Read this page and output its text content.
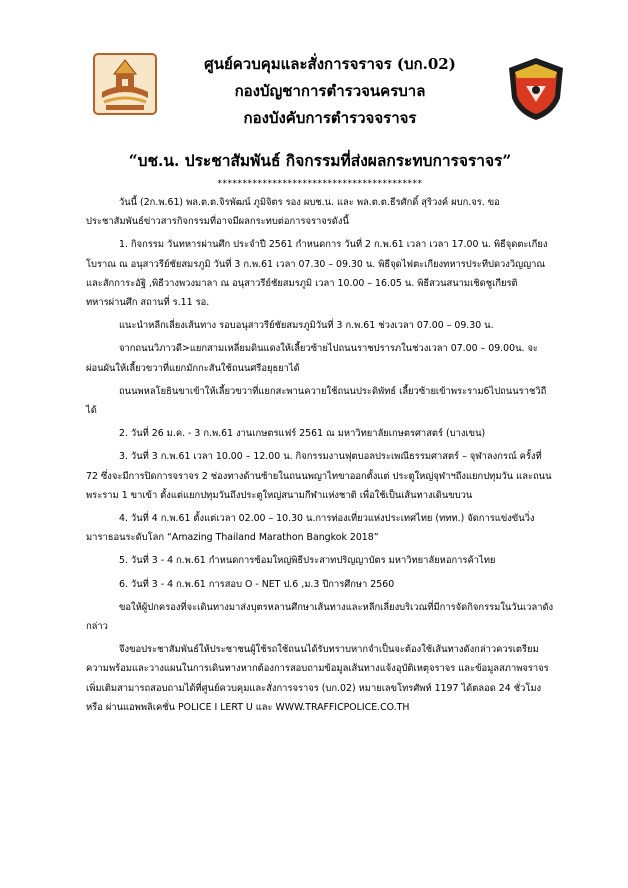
ศูนย์ควบคุมและสั่งการจราจร (บก.02)
กองบัญชาการตำรวจนครบาล
กองบังคับการตำรวจจราจร
“บช.น. ประชาสัมพันธ์ กิจกรรมที่ส่งผลกระทบการจราจร”
*****************************************

วันนี้ (2ก.พ.61) พล.ต.ต.จิรพัฒน์ ภูมิจิตร รอง ผบช.น. และ พล.ต.ต.ธีรศักดิ์ สุริวงค์ ผบก.จร. ขอประชาสัมพันธ์ข่าวสารกิจกรรมที่อาจมีผลกระทบต่อการจราจรดังนี้

1. กิจกรรม วันทหารผ่านศึก ประจำปี 2561 กำหนดการ วันที่ 2 ก.พ.61 เวลา เวลา 17.00 น. พิธีจุดตะเกียงโบราณ ณ อนุสาวรีย์ชัยสมรภูมิ วันที่ 3 ก.พ.61 เวลา 07.30 – 09.30 น. พิธีจุดไฟตะเกียงทหารประทีปดวงวิญญาณและสักการะอัฐิ ,พิธีวางพวงมาลา ณ อนุสาวรีย์ชัยสมรภูมิ เวลา 10.00 – 16.05 น. พิธีสวนสนามเชิดชูเกียรติทหารผ่านศึก สถานที่ ร.11 รอ.

แนะนำหลีกเลี่ยงเส้นทาง รอบอนุสาวรีย์ชัยสมรภูมิวันที่ 3 ก.พ.61 ช่วงเวลา 07.00 – 09.30 น.

จากถนนวิภาวดี>แยกสามเหลี่ยมดินแดงให้เลี้ยวซ้ายไปถนนราชปรารภในช่วงเวลา 07.00 – 09.00น. จะผ่อนผันให้เลี้ยวขวาที่แยกมักกะสันใช้ถนนศรีอยุธยาได้

ถนนพหลโยธินขาเข้าให้เลี้ยวขวาที่แยกสะพานควายใช้ถนนประดิพัทธ์ เลี้ยวซ้ายเข้าพระราม6ไปถนนราชวิถีได้

2. วันที่ 26 ม.ค. - 3 ก.พ.61 งานเกษตรแฟร์ 2561 ณ มหาวิทยาลัยเกษตรศาสตร์ (บางเขน)

3. วันที่ 3 ก.พ.61 เวลา 10.00 – 12.00 น. กิจกรรมงานฟุตบอลประเพณีธรรมศาสตร์ – จุฬาลงกรณ์ ครั้งที่ 72 ซึ่งจะมีการปิดการจราจร 2 ช่องทางด้านซ้ายในถนนพญาไทขาออกตั้งแต่ ประตูใหญ่จุฬาฯถึงแยกปทุมวัน และถนนพระราม 1 ขาเข้า ตั้งแต่แยกปทุมวันถึงประตูใหญ่สนามกีฬาแห่งชาติ เพื่อใช้เป็นเส้นทางเดินขบวน

4. วันที่ 4 ก.พ.61 ตั้งแต่เวลา 02.00 – 10.30 น.การท่องเที่ยวแห่งประเทศไทย (ททท.) จัดการแข่งขันวิ่งมาราธอนระดับโลก “Amazing Thailand Marathon Bangkok 2018”

5. วันที่ 3 - 4 ก.พ.61 กำหนดการซ้อมใหญ่พิธีประสาทปริญญาบัตร มหาวิทยาลัยหอการค้าไทย

6. วันที่ 3 - 4 ก.พ.61 การสอบ O - NET ป.6 ,ม.3 ปีการศึกษา 2560

ขอให้ผู้ปกครองที่จะเดินทางมาส่งบุตรหลานศึกษาเส้นทางและหลีกเลี่ยงบริเวณที่มีการจัดกิจกรรมในวันเวลาดังกล่าว

จึงขอประชาสัมพันธ์ให้ประชาชนผู้ใช้รถใช้ถนนได้รับทราบหากจำเป็นจะต้องใช้เส้นทางดังกล่าวควรเตรียมความพร้อมและวางแผนในการเดินทางหากต้องการสอบถามข้อมูลเส้นทางแจ้งอุบัติเหตุจราจร และข้อมูลสภาพจราจรเพิ่มเติมสามารถสอบถามได้ที่ศูนย์ควบคุมและสั่งการจราจร (บก.02) หมายเลขโทรศัพท์ 1197 ได้ตลอด 24 ชั่วโมง หรือ ผ่านแอพพลิเคชั่น POLICE I LERT U และ WWW.TRAFFICPOLICE.CO.TH
